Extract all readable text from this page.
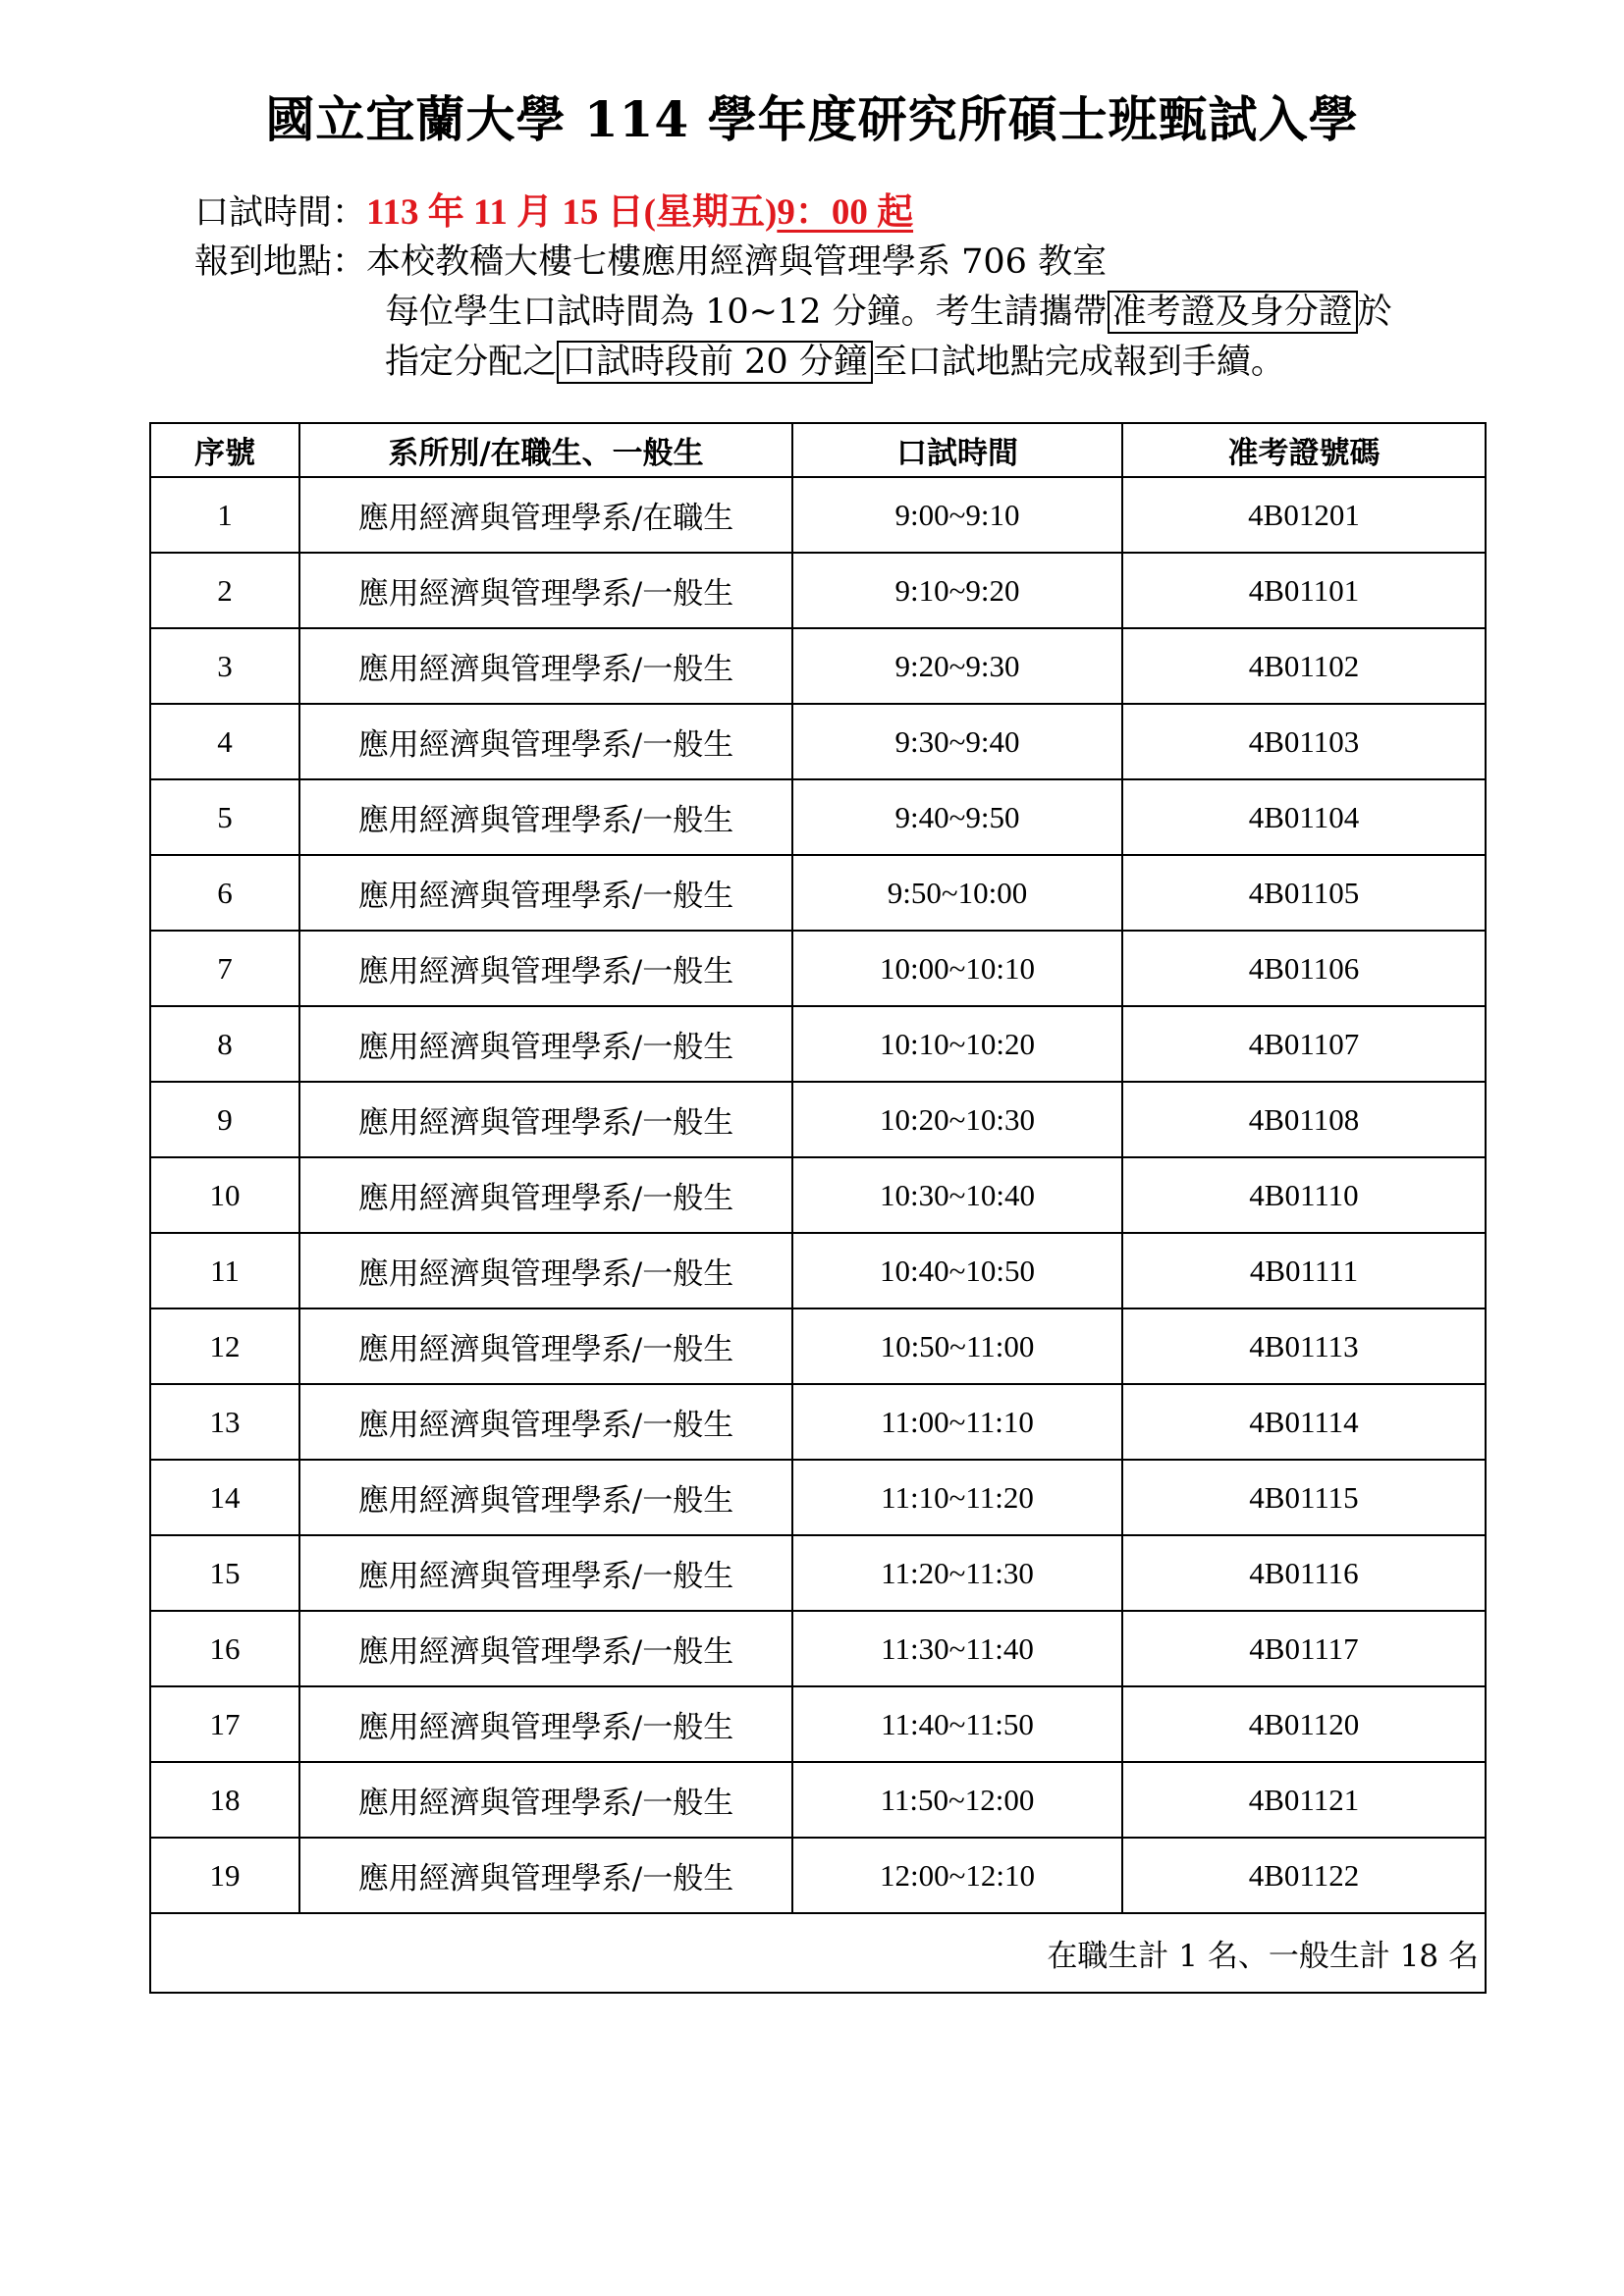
國立宜蘭大學 114 學年度研究所碩士班甄試入學
口試時間：113 年 11 月 15 日(星期五)9：00 起
報到地點：本校教穡大樓七樓應用經濟與管理學系 706 教室
每位學生口試時間為 10~12 分鐘。考生請攜帶 准考證及身分證 於
指定分配之 口試時段前 20 分鐘 至口試地點完成報到手續。
序號	系所別/在職生、一般生	口試時間	准考證號碼
1	應用經濟與管理學系/在職生	9:00~9:10	4B01201
2	應用經濟與管理學系/一般生	9:10~9:20	4B01101
3	應用經濟與管理學系/一般生	9:20~9:30	4B01102
4	應用經濟與管理學系/一般生	9:30~9:40	4B01103
5	應用經濟與管理學系/一般生	9:40~9:50	4B01104
6	應用經濟與管理學系/一般生	9:50~10:00	4B01105
7	應用經濟與管理學系/一般生	10:00~10:10	4B01106
8	應用經濟與管理學系/一般生	10:10~10:20	4B01107
9	應用經濟與管理學系/一般生	10:20~10:30	4B01108
10	應用經濟與管理學系/一般生	10:30~10:40	4B01110
11	應用經濟與管理學系/一般生	10:40~10:50	4B01111
12	應用經濟與管理學系/一般生	10:50~11:00	4B01113
13	應用經濟與管理學系/一般生	11:00~11:10	4B01114
14	應用經濟與管理學系/一般生	11:10~11:20	4B01115
15	應用經濟與管理學系/一般生	11:20~11:30	4B01116
16	應用經濟與管理學系/一般生	11:30~11:40	4B01117
17	應用經濟與管理學系/一般生	11:40~11:50	4B01120
18	應用經濟與管理學系/一般生	11:50~12:00	4B01121
19	應用經濟與管理學系/一般生	12:00~12:10	4B01122
在職生計 1 名、一般生計 18 名			
